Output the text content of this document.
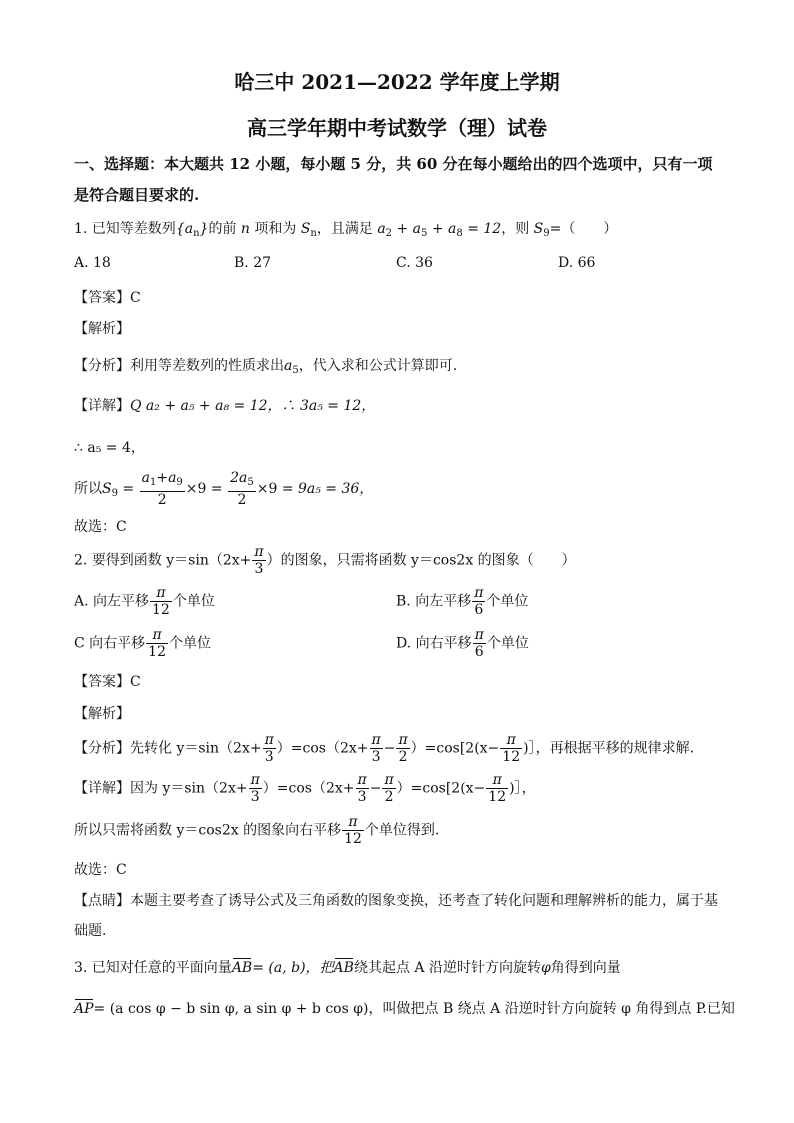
哈三中 2021—2022 学年度上学期
高三学年期中考试数学（理）试卷
一、选择题：本大题共 12 小题，每小题 5 分，共 60 分在每小题给出的四个选项中，只有一项
是符合题目要求的.
1. 已知等差数列$\{a_n\}$的前 n 项和为 $S_n$，且满足 $a_2 + a_5 + a_8 = 12$，则 $S_9=$（　　）
A. 18	B. 27	C. 36	D. 66
【答案】C
【解析】
【分析】利用等差数列的性质求出$a_5$，代入求和公式计算即可.
【详解】Q a₂ + a₅ + a₈ = 12，∴ 3a₅ = 12，
∴ a₅ = 4，
所以$S_9 = \frac{a_1+a_9}{2} \times 9 = \frac{2a_5}{2} \times 9 = 9a_5 = 36$，
故选：C
2. 要得到函数 $y=\sin(2x+ \frac{\pi}{3}$ ）的图象，只需将函数 y＝cos2x 的图象（　　）
A. 向左平移 $\frac{\pi}{12}$ 个单位	B. 向左平移 $\frac{\pi}{6}$ 个单位
C 向右平移 $\frac{\pi}{12}$ 个单位	D. 向右平移 $\frac{\pi}{6}$ 个单位
【答案】C
【解析】
【分析】先转化 $y=\sin(2x+ \frac{\pi}{3} )=\cos(2x+ \frac{\pi}{3} - \frac{\pi}{2} )=\cos[2(x- \frac{\pi}{12}$ )］，再根据平移的规律求解.
【详解】因为 $y=\sin(2x+ \frac{\pi}{3} )=\cos(2x+ \frac{\pi}{3} - \frac{\pi}{2} )=\cos[2(x- \frac{\pi}{12}$ )］，
所以只需将函数 y＝cos2x 的图象向右平移 $\frac{\pi}{12}$ 个单位得到.
故选：C
【点睛】本题主要考查了诱导公式及三角函数的图象变换，还考查了转化问题和理解辨析的能力，属于基
础题.
3. 已知对任意的平面向量AB= (a, b)，把AB绕其起点 A 沿逆时针方向旋转φ角得到向量
AP= (a cos φ − b sin φ, a sin φ + b cos φ)，叫做把点 B 绕点 A 沿逆时针方向旋转 φ 角得到点 P.已知
